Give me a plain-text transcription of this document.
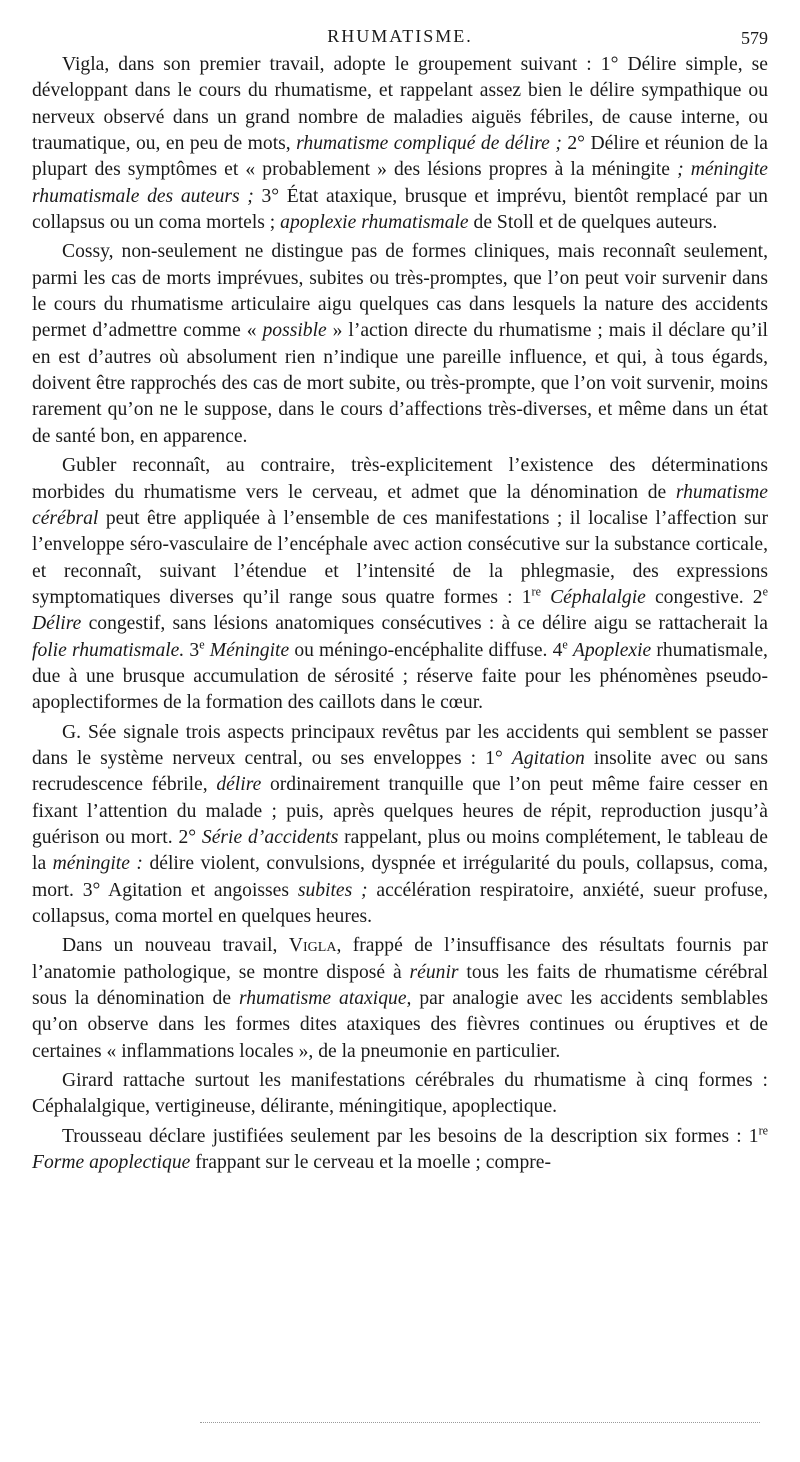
RHUMATISME.	579

Vigla, dans son premier travail, adopte le groupement suivant : 1° Délire simple, se développant dans le cours du rhumatisme, et rappelant assez bien le délire sympathique ou nerveux observé dans un grand nombre de maladies aiguës fébriles, de cause interne, ou traumatique, ou, en peu de mots, rhumatisme compliqué de délire ; 2° Délire et réunion de la plupart des symptômes et « probablement » des lésions propres à la méningite ; méningite rhumatismale des auteurs ; 3° État ataxique, brusque et imprévu, bientôt remplacé par un collapsus ou un coma mortels ; apoplexie rhumatismale de Stoll et de quelques auteurs.

Cossy, non-seulement ne distingue pas de formes cliniques, mais reconnaît seulement, parmi les cas de morts imprévues, subites ou très-promptes, que l’on peut voir survenir dans le cours du rhumatisme articulaire aigu quelques cas dans lesquels la nature des accidents permet d’admettre comme « possible » l’action directe du rhumatisme ; mais il déclare qu’il en est d’autres où absolument rien n’indique une pareille influence, et qui, à tous égards, doivent être rapprochés des cas de mort subite, ou très-prompte, que l’on voit survenir, moins rarement qu’on ne le suppose, dans le cours d’affections très-diverses, et même dans un état de santé bon, en apparence.

Gubler reconnaît, au contraire, très-explicitement l’existence des déterminations morbides du rhumatisme vers le cerveau, et admet que la dénomination de rhumatisme cérébral peut être appliquée à l’ensemble de ces manifestations ; il localise l’affection sur l’enveloppe séro-vasculaire de l’encéphale avec action consécutive sur la substance corticale, et reconnaît, suivant l’étendue et l’intensité de la phlegmasie, des expressions symptomatiques diverses qu’il range sous quatre formes : 1re Céphalalgie congestive. 2e Délire congestif, sans lésions anatomiques consécutives : à ce délire aigu se rattacherait la folie rhumatismale. 3e Méningite ou méningo-encéphalite diffuse. 4e Apoplexie rhumatismale, due à une brusque accumulation de sérosité ; réserve faite pour les phénomènes pseudo-apoplectiformes de la formation des caillots dans le cœur.

G. Sée signale trois aspects principaux revêtus par les accidents qui semblent se passer dans le système nerveux central, ou ses enveloppes : 1° Agitation insolite avec ou sans recrudescence fébrile, délire ordinairement tranquille que l’on peut même faire cesser en fixant l’attention du malade ; puis, après quelques heures de répit, reproduction jusqu’à guérison ou mort. 2° Série d’accidents rappelant, plus ou moins complétement, le tableau de la méningite : délire violent, convulsions, dyspnée et irrégularité du pouls, collapsus, coma, mort. 3° Agitation et angoisses subites ; accélération respiratoire, anxiété, sueur profuse, collapsus, coma mortel en quelques heures.

Dans un nouveau travail, Vigla, frappé de l’insuffisance des résultats fournis par l’anatomie pathologique, se montre disposé à réunir tous les faits de rhumatisme cérébral sous la dénomination de rhumatisme ataxique, par analogie avec les accidents semblables qu’on observe dans les formes dites ataxiques des fièvres continues ou éruptives et de certaines « inflammations locales », de la pneumonie en particulier.

Girard rattache surtout les manifestations cérébrales du rhumatisme à cinq formes : Céphalalgique, vertigineuse, délirante, méningitique, apoplectique.

Trousseau déclare justifiées seulement par les besoins de la description six formes : 1re Forme apoplectique frappant sur le cerveau et la moelle ; compre-
